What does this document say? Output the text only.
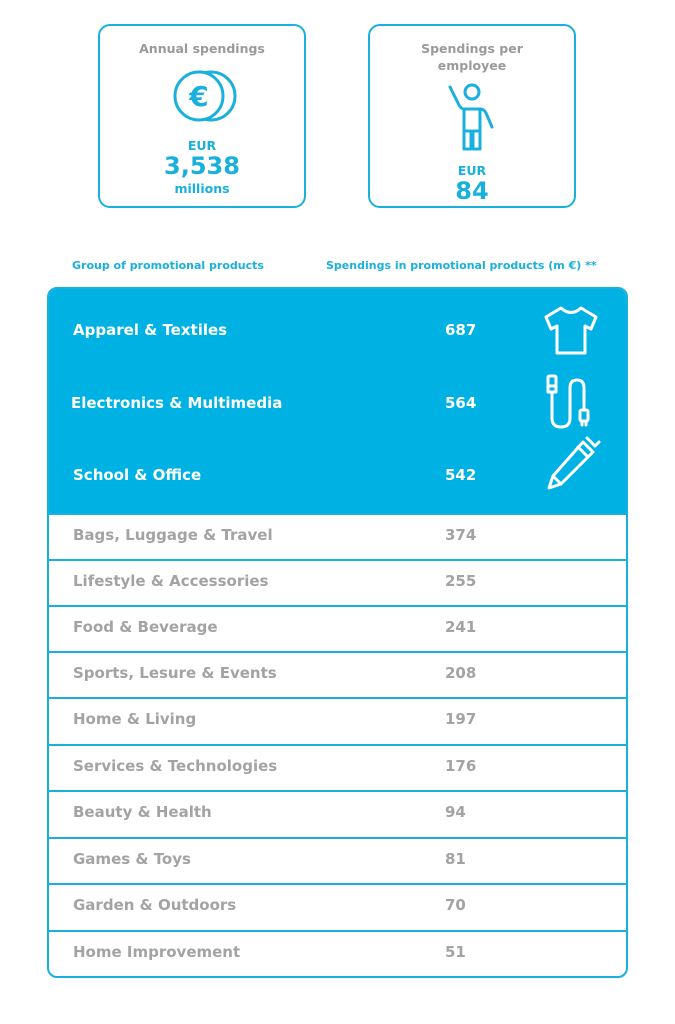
Annual spendings
€
EUR
3,538
millions
Spendings per
employee
EUR
84
Group of promotional products	Spendings in promotional products (m €) **
Apparel & Textiles	687
Electronics & Multimedia	564
School & Office	542
Bags, Luggage & Travel	374
Lifestyle & Accessories	255
Food & Beverage	241
Sports, Lesure & Events	208
Home & Living	197
Services & Technologies	176
Beauty & Health	94
Games & Toys	81
Garden & Outdoors	70
Home Improvement	51
